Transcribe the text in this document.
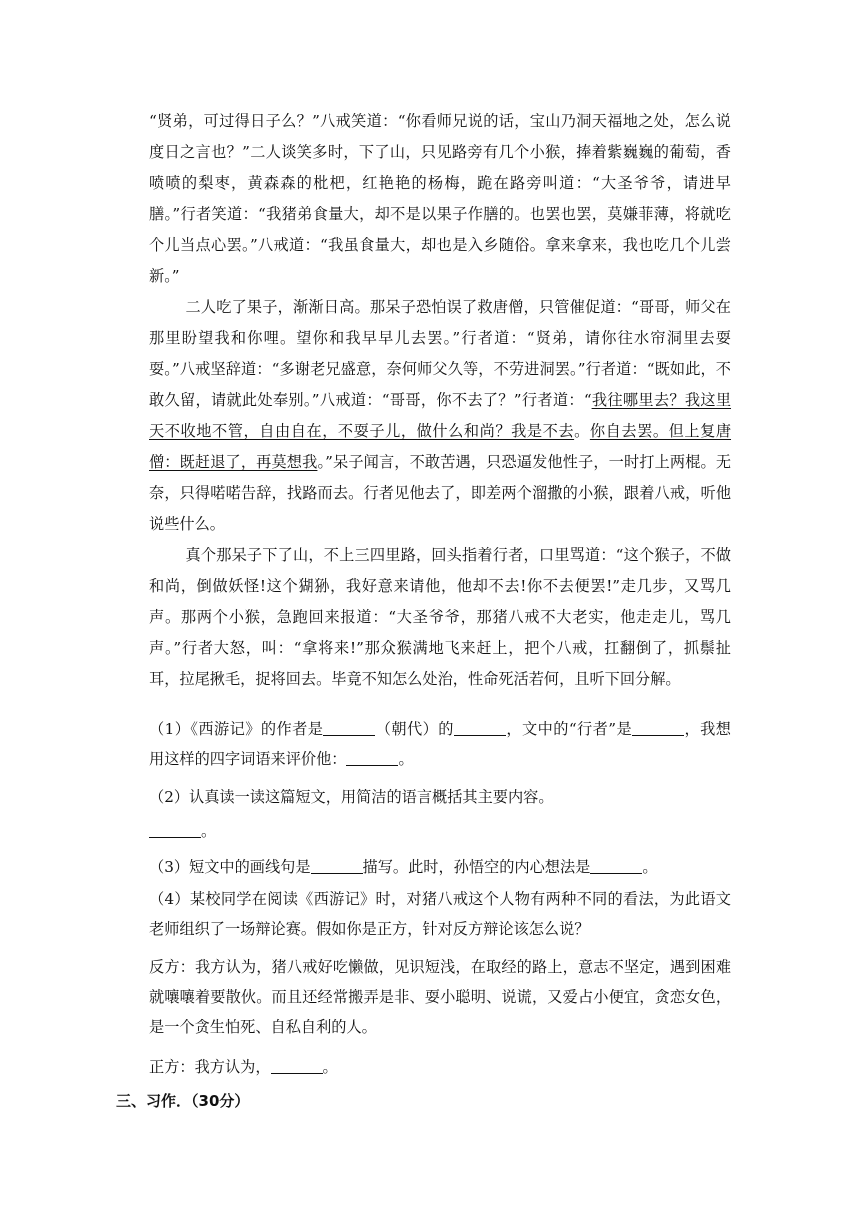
“贤弟，可过得日子么？”八戒笑道：“你看师兄说的话，宝山乃洞天福地之处，怎么说度日之言也？”二人谈笑多时，下了山，只见路旁有几个小猴，捧着紫巍巍的葡萄，香喷喷的梨枣，黄森森的枇杷，红艳艳的杨梅，跪在路旁叫道：“大圣爷爷，请进早膳。”行者笑道：“我猪弟食量大，却不是以果子作膳的。也罢也罢，莫嫌菲薄，将就吃个儿当点心罢。”八戒道：“我虽食量大，却也是入乡随俗。拿来拿来，我也吃几个儿尝新。”

二人吃了果子，渐渐日高。那呆子恐怕误了救唐僧，只管催促道：“哥哥，师父在那里盼望我和你哩。望你和我早早儿去罢。”行者道：“贤弟，请你往水帘洞里去耍耍。”八戒坚辞道：“多谢老兄盛意，奈何师父久等，不劳进洞罢。”行者道：“既如此，不敢久留，请就此处奉别。”八戒道：“哥哥，你不去了？”行者道：“我往哪里去？我这里天不收地不管，自由自在，不耍子儿，做什么和尚？我是不去。你自去罢。但上复唐僧：既赶退了，再莫想我。”呆子闻言，不敢苦遇，只恐逼发他性子，一时打上两棍。无奈，只得喏喏告辞，找路而去。行者见他去了，即差两个溜撒的小猴，跟着八戒，听他说些什么。

真个那呆子下了山，不上三四里路，回头指着行者，口里骂道：“这个猴子，不做和尚，倒做妖怪!这个猢狲，我好意来请他，他却不去!你不去便罢!”走几步，又骂几声。那两个小猴，急跑回来报道：“大圣爷爷，那猪八戒不大老实，他走走儿，骂几声。”行者大怒，叫：“拿将来!”那众猴满地飞来赶上，把个八戒，扛翻倒了，抓鬃扯耳，拉尾揪毛，捉将回去。毕竟不知怎么处治，性命死活若何，且听下回分解。

（1）《西游记》的作者是	（朝代）的	，文中的“行者”是	，我想用这样的四字词语来评价他：	。

（2）认真读一读这篇短文，用简洁的语言概括其主要内容。

。

（3）短文中的画线句是	描写。此时，孙悟空的内心想法是	。

（4）某校同学在阅读《西游记》时，对猪八戒这个人物有两种不同的看法，为此语文老师组织了一场辩论赛。假如你是正方，针对反方辩论该怎么说？

反方：我方认为，猪八戒好吃懒做，见识短浅，在取经的路上，意志不坚定，遇到困难就嚷嚷着要散伙。而且还经常搬弄是非、耍小聪明、说谎，又爱占小便宜，贪恋女色，是一个贪生怕死、自私自利的人。

正方：我方认为，	。

三、习作．（30分）
